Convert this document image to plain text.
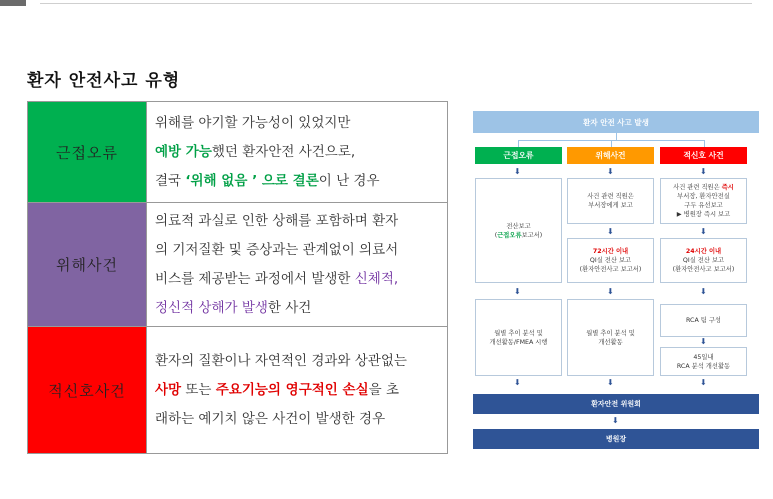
환자 안전사고 유형
근접오류
위해를 야기할 가능성이 있었지만
예방 가능했던 환자안전 사건으로,
결국 ‘위해 없음 ’ 으로 결론이 난 경우
위해사건
의료적 과실로 인한 상해를 포함하며 환자
의 기저질환 및 증상과는 관계없이 의료서
비스를 제공받는 과정에서 발생한 신체적,
정신적 상해가 발생한 사건
적신호사건
환자의 질환이나 자연적인 경과와 상관없는
사망 또는 주요기능의 영구적인 손실을 초
래하는 예기치 않은 사건이 발생한 경우
환자 안전 사고 발생
근접오류	위해사건	적신호 사건
⬇	⬇	⬇
전산보고
(근접오류보고서)
사건 관련 직원은
부서장에게 보고
사건 관련 직원은 즉시
부서장, 환자안전실
구두 유선보고
▶ 병원장 즉시 보고
⬇	⬇
72시간 이내
QI실 전산 보고
(환자안전사고 보고서)
24시간 이내
QI실 전산 보고
(환자안전사고 보고서)
⬇	⬇	⬇
월별 추이 분석 및
개선활동/FMEA 시행
월별 추이 분석 및
개선활동
RCA 팀 구성
⬇
45일내
RCA 분석 개선활동
⬇	⬇	⬇
환자안전 위원회
⬇
병원장
